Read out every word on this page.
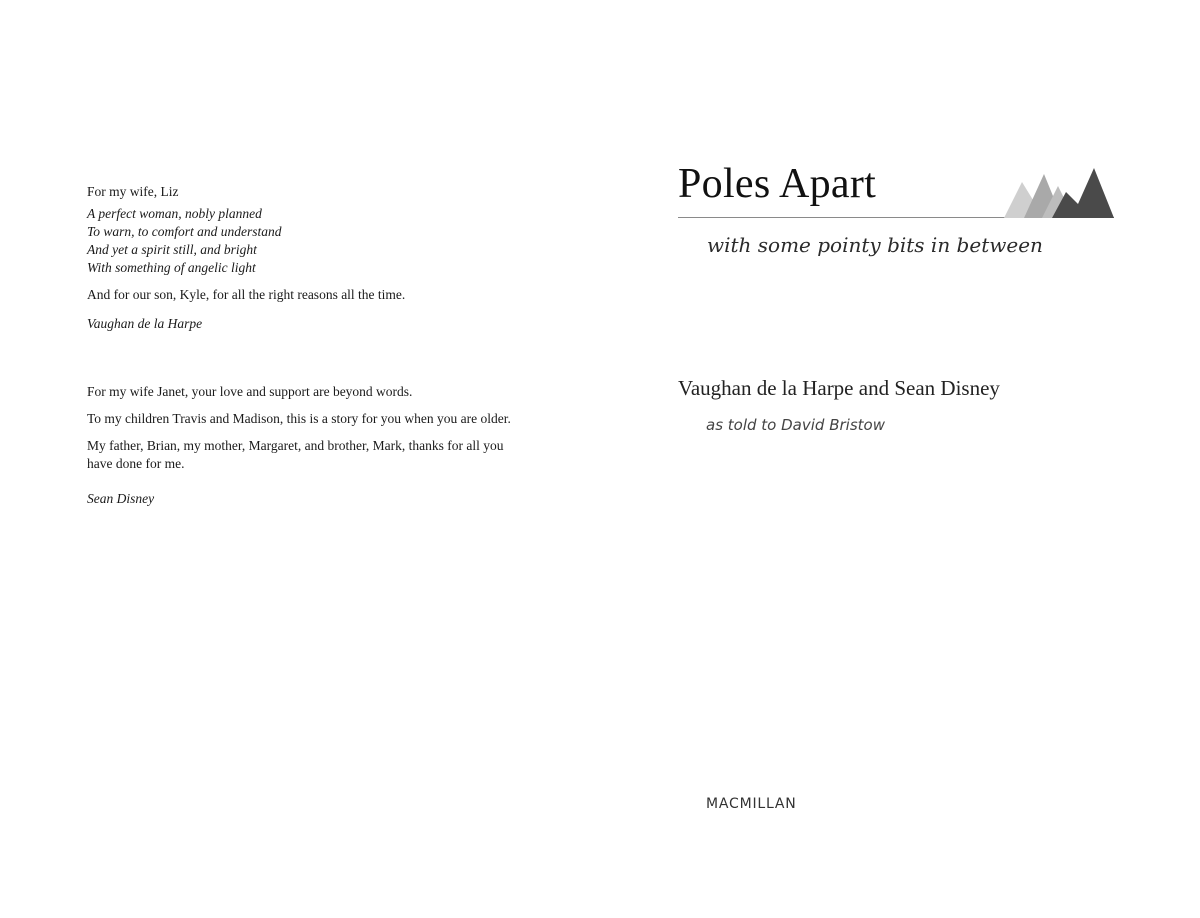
For my wife, Liz

A perfect woman, nobly planned
To warn, to comfort and understand
And yet a spirit still, and bright
With something of angelic light

And for our son, Kyle, for all the right reasons all the time.

Vaughan de la Harpe

For my wife Janet, your love and support are beyond words.

To my children Travis and Madison, this is a story for you when you are older.

My father, Brian, my mother, Margaret, and brother, Mark, thanks for all you have done for me.

Sean Disney

Poles Apart
with some pointy bits in between
Vaughan de la Harpe and Sean Disney
as told to David Bristow
MACMILLAN
